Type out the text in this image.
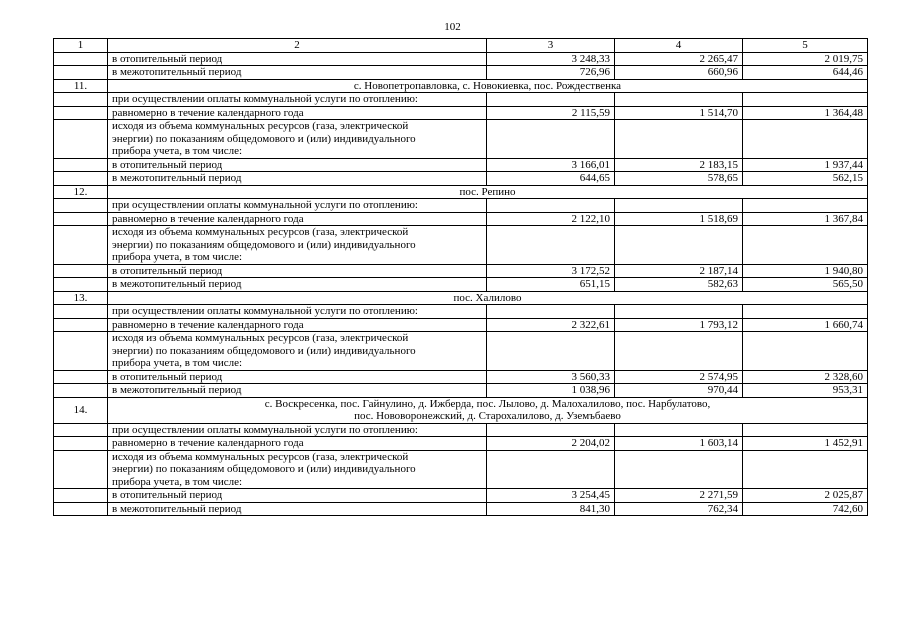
102
1	2	3	4	5
	в отопительный период	3 248,33	2 265,47	2 019,75
	в межотопительный период	726,96	660,96	644,46
11.	с. Новопетропавловка, с. Новокиевка, пос. Рождественка			

	при осуществлении оплаты коммунальной услуги по отоплению:			
	равномерно в течение календарного года	2 115,59	1 514,70	1 364,48

	исходя из объема коммунальных ресурсов (газа, электрической
энергии) по показаниям общедомового и (или) индивидуального
прибора учета, в том числе:			

	в отопительный период	3 166,01	2 183,15	1 937,44
	в межотопительный период	644,65	578,65	562,15
12.	пос. Репино			

	при осуществлении оплаты коммунальной услуги по отоплению:			
	равномерно в течение календарного года	2 122,10	1 518,69	1 367,84

	исходя из объема коммунальных ресурсов (газа, электрической
энергии) по показаниям общедомового и (или) индивидуального
прибора учета, в том числе:			

	в отопительный период	3 172,52	2 187,14	1 940,80
	в межотопительный период	651,15	582,63	565,50
13.	пос. Халилово			

	при осуществлении оплаты коммунальной услуги по отоплению:			
	равномерно в течение календарного года	2 322,61	1 793,12	1 660,74

	исходя из объема коммунальных ресурсов (газа, электрической
энергии) по показаниям общедомового и (или) индивидуального
прибора учета, в том числе:			

	в отопительный период	3 560,33	2 574,95	2 328,60
	в межотопительный период	1 038,96	970,44	953,31
14.	с. Воскресенка, пос. Гайнулино, д. Ижберда, пос. Лылово, д. Малохалилово, пос. Нарбулатово,
пос. Нововоронежский, д. Старохалилово, д. Уземъбаево			

	при осуществлении оплаты коммунальной услуги по отоплению:			
	равномерно в течение календарного года	2 204,02	1 603,14	1 452,91

	исходя из объема коммунальных ресурсов (газа, электрической
энергии) по показаниям общедомового и (или) индивидуального
прибора учета, в том числе:			

	в отопительный период	3 254,45	2 271,59	2 025,87
	в межотопительный период	841,30	762,34	742,60
